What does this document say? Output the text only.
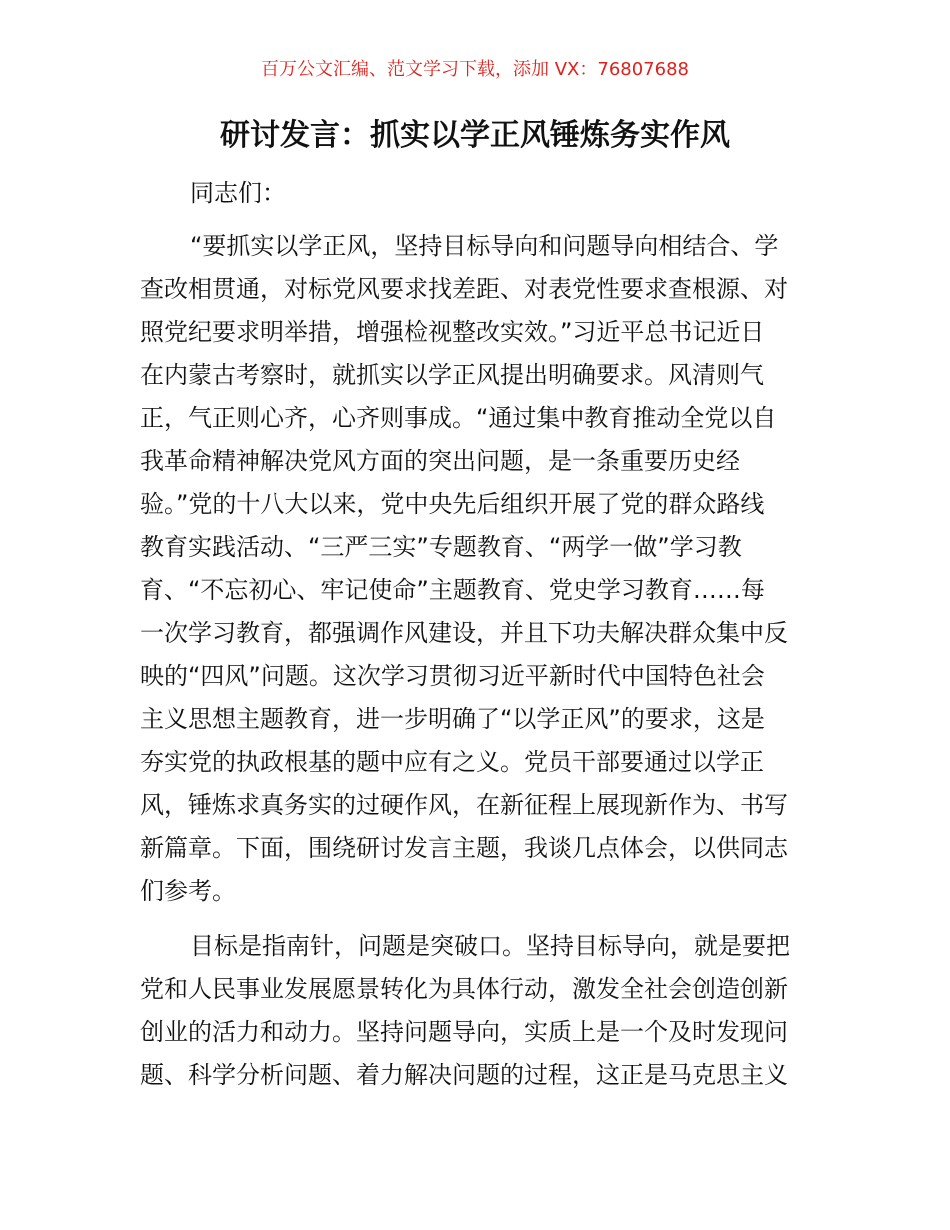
百万公文汇编、范文学习下载，添加 VX：76807688
研讨发言：抓实以学正风锤炼务实作风
同志们：
“要抓实以学正风，坚持目标导向和问题导向相结合、学
查改相贯通，对标党风要求找差距、对表党性要求查根源、对
照党纪要求明举措，增强检视整改实效。”习近平总书记近日
在内蒙古考察时，就抓实以学正风提出明确要求。风清则气
正，气正则心齐，心齐则事成。“通过集中教育推动全党以自
我革命精神解决党风方面的突出问题，是一条重要历史经
验。”党的十八大以来，党中央先后组织开展了党的群众路线
教育实践活动、“三严三实”专题教育、“两学一做”学习教
育、“不忘初心、牢记使命”主题教育、党史学习教育……每
一次学习教育，都强调作风建设，并且下功夫解决群众集中反
映的“四风”问题。这次学习贯彻习近平新时代中国特色社会
主义思想主题教育，进一步明确了“以学正风”的要求，这是
夯实党的执政根基的题中应有之义。党员干部要通过以学正
风，锤炼求真务实的过硬作风，在新征程上展现新作为、书写
新篇章。下面，围绕研讨发言主题，我谈几点体会，以供同志
们参考。
目标是指南针，问题是突破口。坚持目标导向，就是要把
党和人民事业发展愿景转化为具体行动，激发全社会创造创新
创业的活力和动力。坚持问题导向，实质上是一个及时发现问
题、科学分析问题、着力解决问题的过程，这正是马克思主义
